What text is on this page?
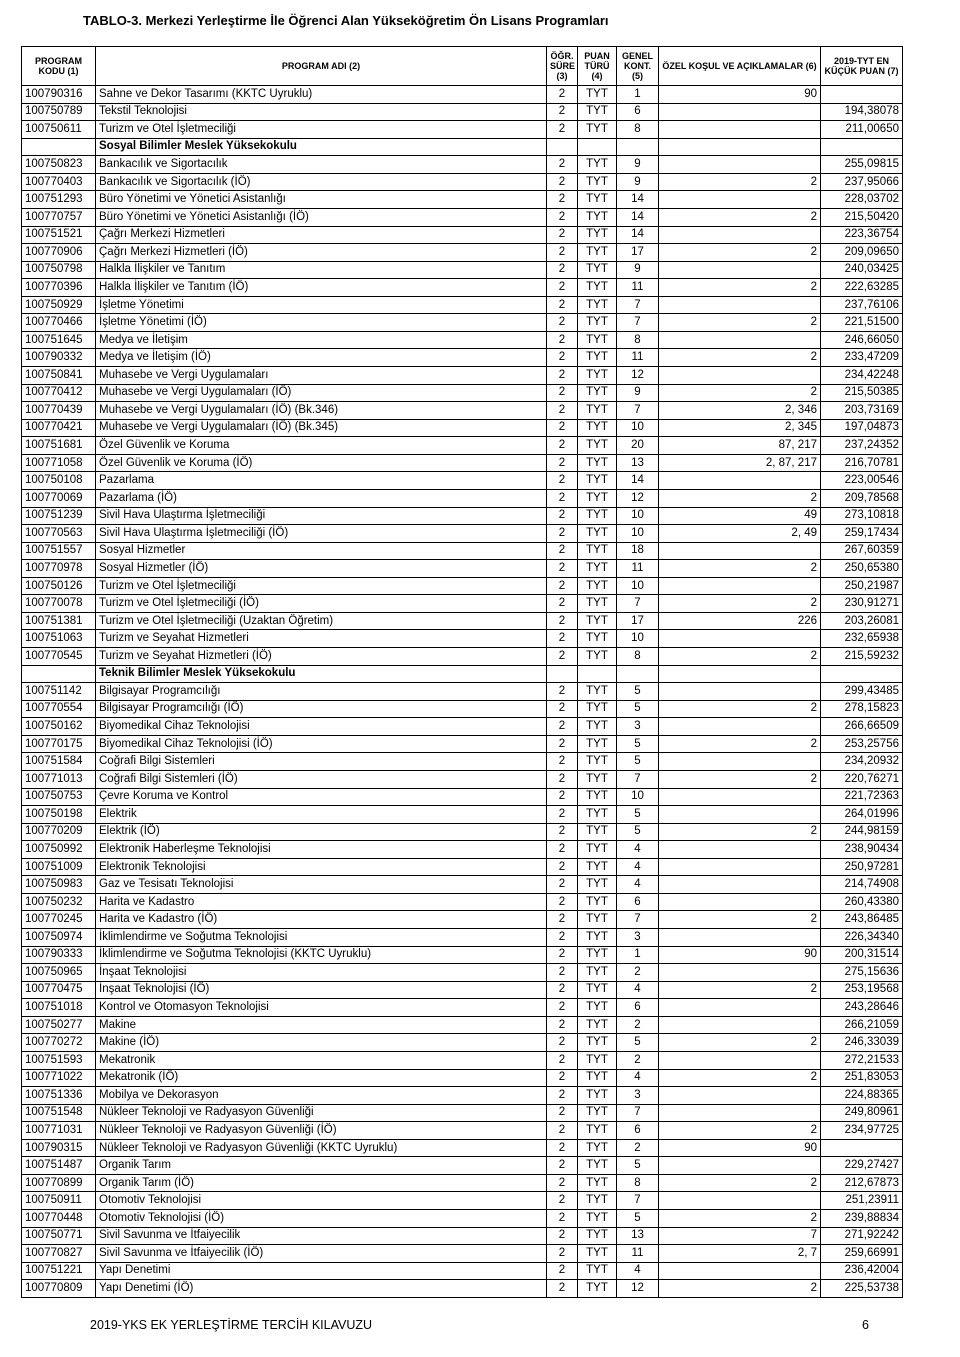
TABLO-3. Merkezi Yerleştirme İle Öğrenci Alan Yükseköğretim Ön Lisans Programları
PROGRAM KODU (1)	PROGRAM ADI (2)	ÖĞR. SÜRE (3)	PUAN TÜRÜ (4)	GENEL KONT. (5)	ÖZEL KOŞUL VE AÇIKLAMALAR (6)	2019-TYT EN KÜÇÜK PUAN (7)
100790316	Sahne ve Dekor Tasarımı (KKTC Uyruklu)	2	TYT	1	90	
100750789	Tekstil Teknolojisi	2	TYT	6		194,38078
100750611	Turizm ve Otel İşletmeciliği	2	TYT	8		211,00650
	Sosyal Bilimler Meslek Yüksekokulu					
100750823	Bankacılık ve Sigortacılık	2	TYT	9		255,09815
100770403	Bankacılık ve Sigortacılık (İÖ)	2	TYT	9	2	237,95066
100751293	Büro Yönetimi ve Yönetici Asistanlığı	2	TYT	14		228,03702
100770757	Büro Yönetimi ve Yönetici Asistanlığı (İÖ)	2	TYT	14	2	215,50420
100751521	Çağrı Merkezi Hizmetleri	2	TYT	14		223,36754
100770906	Çağrı Merkezi Hizmetleri (İÖ)	2	TYT	17	2	209,09650
100750798	Halkla İlişkiler ve Tanıtım	2	TYT	9		240,03425
100770396	Halkla İlişkiler ve Tanıtım (İÖ)	2	TYT	11	2	222,63285
100750929	İşletme Yönetimi	2	TYT	7		237,76106
100770466	İşletme Yönetimi (İÖ)	2	TYT	7	2	221,51500
100751645	Medya ve İletişim	2	TYT	8		246,66050
100790332	Medya ve İletişim (İÖ)	2	TYT	11	2	233,47209
100750841	Muhasebe ve Vergi Uygulamaları	2	TYT	12		234,42248
100770412	Muhasebe ve Vergi Uygulamaları (İÖ)	2	TYT	9	2	215,50385
100770439	Muhasebe ve Vergi Uygulamaları (İÖ) (Bk.346)	2	TYT	7	2, 346	203,73169
100770421	Muhasebe ve Vergi Uygulamaları (İÖ) (Bk.345)	2	TYT	10	2, 345	197,04873
100751681	Özel Güvenlik ve Koruma	2	TYT	20	87, 217	237,24352
100771058	Özel Güvenlik ve Koruma (İÖ)	2	TYT	13	2, 87, 217	216,70781
100750108	Pazarlama	2	TYT	14		223,00546
100770069	Pazarlama (İÖ)	2	TYT	12	2	209,78568
100751239	Sivil Hava Ulaştırma İşletmeciliği	2	TYT	10	49	273,10818
100770563	Sivil Hava Ulaştırma İşletmeciliği (İÖ)	2	TYT	10	2, 49	259,17434
100751557	Sosyal Hizmetler	2	TYT	18		267,60359
100770978	Sosyal Hizmetler (İÖ)	2	TYT	11	2	250,65380
100750126	Turizm ve Otel İşletmeciliği	2	TYT	10		250,21987
100770078	Turizm ve Otel İşletmeciliği (İÖ)	2	TYT	7	2	230,91271
100751381	Turizm ve Otel İşletmeciliği (Uzaktan Öğretim)	2	TYT	17	226	203,26081
100751063	Turizm ve Seyahat Hizmetleri	2	TYT	10		232,65938
100770545	Turizm ve Seyahat Hizmetleri (İÖ)	2	TYT	8	2	215,59232
	Teknik Bilimler Meslek Yüksekokulu					
100751142	Bilgisayar Programcılığı	2	TYT	5		299,43485
100770554	Bilgisayar Programcılığı (İÖ)	2	TYT	5	2	278,15823
100750162	Biyomedikal Cihaz Teknolojisi	2	TYT	3		266,66509
100770175	Biyomedikal Cihaz Teknolojisi (İÖ)	2	TYT	5	2	253,25756
100751584	Coğrafi Bilgi Sistemleri	2	TYT	5		234,20932
100771013	Coğrafi Bilgi Sistemleri (İÖ)	2	TYT	7	2	220,76271
100750753	Çevre Koruma ve Kontrol	2	TYT	10		221,72363
100750198	Elektrik	2	TYT	5		264,01996
100770209	Elektrik (İÖ)	2	TYT	5	2	244,98159
100750992	Elektronik Haberleşme Teknolojisi	2	TYT	4		238,90434
100751009	Elektronik Teknolojisi	2	TYT	4		250,97281
100750983	Gaz ve Tesisatı Teknolojisi	2	TYT	4		214,74908
100750232	Harita ve Kadastro	2	TYT	6		260,43380
100770245	Harita ve Kadastro (İÖ)	2	TYT	7	2	243,86485
100750974	İklimlendirme ve Soğutma Teknolojisi	2	TYT	3		226,34340
100790333	İklimlendirme ve Soğutma Teknolojisi (KKTC Uyruklu)	2	TYT	1	90	200,31514
100750965	İnşaat Teknolojisi	2	TYT	2		275,15636
100770475	İnşaat Teknolojisi (İÖ)	2	TYT	4	2	253,19568
100751018	Kontrol ve Otomasyon Teknolojisi	2	TYT	6		243,28646
100750277	Makine	2	TYT	2		266,21059
100770272	Makine (İÖ)	2	TYT	5	2	246,33039
100751593	Mekatronik	2	TYT	2		272,21533
100771022	Mekatronik (İÖ)	2	TYT	4	2	251,83053
100751336	Mobilya ve Dekorasyon	2	TYT	3		224,88365
100751548	Nükleer Teknoloji ve Radyasyon Güvenliği	2	TYT	7		249,80961
100771031	Nükleer Teknoloji ve Radyasyon Güvenliği (İÖ)	2	TYT	6	2	234,97725
100790315	Nükleer Teknoloji ve Radyasyon Güvenliği (KKTC Uyruklu)	2	TYT	2	90	
100751487	Organik Tarım	2	TYT	5		229,27427
100770899	Organik Tarım (İÖ)	2	TYT	8	2	212,67873
100750911	Otomotiv Teknolojisi	2	TYT	7		251,23911
100770448	Otomotiv Teknolojisi (İÖ)	2	TYT	5	2	239,88834
100750771	Sivil Savunma ve İtfaiyecilik	2	TYT	13	7	271,92242
100770827	Sivil Savunma ve İtfaiyecilik (İÖ)	2	TYT	11	2, 7	259,66991
100751221	Yapı Denetimi	2	TYT	4		236,42004
100770809	Yapı Denetimi (İÖ)	2	TYT	12	2	225,53738
2019-YKS EK YERLEŞTİRME TERCİH KILAVUZU	6
